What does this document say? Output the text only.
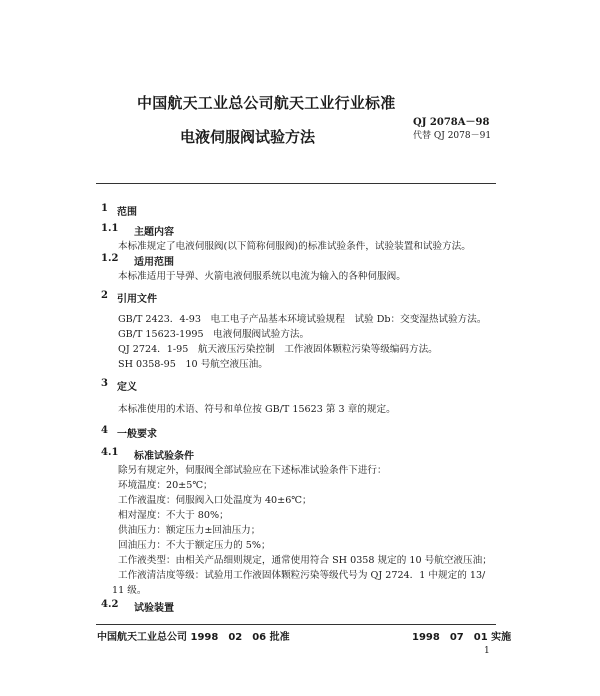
中国航天工业总公司航天工业行业标准
QJ 2078A－98
电液伺服阀试验方法	代替 QJ 2078－91
1 范围
1.1 主题内容
本标准规定了电液伺服阀(以下简称伺服阀)的标准试验条件，试验装置和试验方法。
1.2 适用范围
本标准适用于导弹、火箭电液伺服系统以电流为输入的各种伺服阀。
2 引用文件
GB/T 2423．4-93　电工电子产品基本环境试验规程　试验 Db：交变湿热试验方法。
GB/T 15623-1995　电液伺服阀试验方法。
QJ 2724．1-95　航天液压污染控制　工作液固体颗粒污染等级编码方法。
SH 0358-95　10 号航空液压油。
3 定义
本标准使用的术语、符号和单位按 GB/T 15623 第 3 章的规定。
4 一般要求
4.1 标准试验条件
除另有规定外，伺服阀全部试验应在下述标准试验条件下进行：
环境温度：20±5℃；
工作液温度：伺服阀入口处温度为 40±6℃；
相对湿度：不大于 80%；
供油压力：额定压力±回油压力；
回油压力：不大于额定压力的 5%；
工作液类型：由相关产品细则规定，通常使用符合 SH 0358 规定的 10 号航空液压油；
工作液清洁度等级：试验用工作液固体颗粒污染等级代号为 QJ 2724．1 中规定的 13/
11 级。
4.2 试验装置
中国航天工业总公司 1998　02　06 批准	1998　07　01 实施
1
